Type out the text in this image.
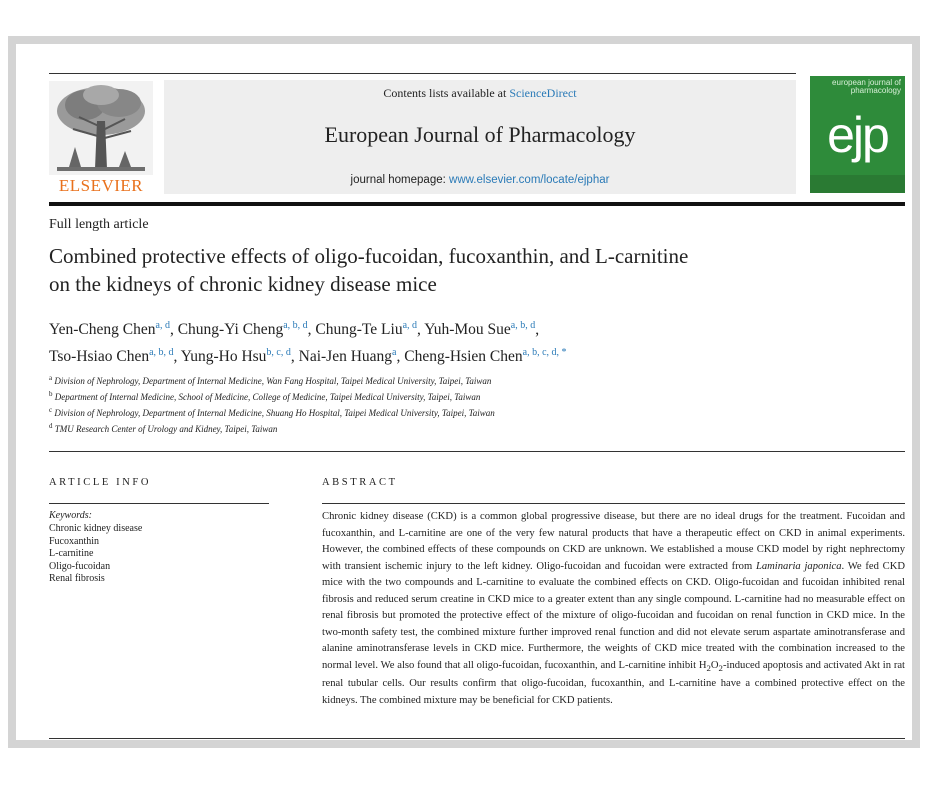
ELSEVIER
Contents lists available at ScienceDirect
European Journal of Pharmacology
journal homepage: www.elsevier.com/locate/ejphar
european journal of pharmacology
ejp
Full length article
Combined protective effects of oligo-fucoidan, fucoxanthin, and L-carnitine
on the kidneys of chronic kidney disease mice
Yen-Cheng Chen$^{a, d}$, Chung-Yi Cheng$^{a, b, d}$, Chung-Te Liu$^{a, d}$, Yuh-Mou Sue$^{a, b, d}$,
Tso-Hsiao Chen$^{a, b, d}$, Yung-Ho Hsu$^{b, c, d}$, Nai-Jen Huang$^a$, Cheng-Hsien Chen$^{a, b, c, d, *}$
$^a$ Division of Nephrology, Department of Internal Medicine, Wan Fang Hospital, Taipei Medical University, Taipei, Taiwan
$^b$ Department of Internal Medicine, School of Medicine, College of Medicine, Taipei Medical University, Taipei, Taiwan
$^c$ Division of Nephrology, Department of Internal Medicine, Shuang Ho Hospital, Taipei Medical University, Taipei, Taiwan
$^d$ TMU Research Center of Urology and Kidney, Taipei, Taiwan
ARTICLE INFO
Keywords:
Chronic kidney disease
Fucoxanthin
L-carnitine
Oligo-fucoidan
Renal fibrosis
ABSTRACT
Chronic kidney disease (CKD) is a common global progressive disease, but there are no ideal drugs for the treatment. Fucoidan and fucoxanthin, and L-carnitine are one of the very few natural products that have a therapeutic effect on CKD in animal experiments. However, the combined effects of these compounds on CKD are unknown. We established a mouse CKD model by right nephrectomy with transient ischemic injury to the left kidney. Oligo-fucoidan and fucoidan were extracted from Laminaria japonica. We fed CKD mice with the two compounds and L-carnitine to evaluate the combined effects on CKD. Oligo-fucoidan and fucoidan inhibited renal fibrosis and reduced serum creatine in CKD mice to a greater extent than any single compound. L-carnitine had no measurable effect on renal fibrosis but promoted the protective effect of the mixture of oligo-fucoidan and fucoidan on renal function in CKD mice. In the two-month safety test, the combined mixture further improved renal function and did not elevate serum aspartate aminotransferase and alanine aminotransferase levels in CKD mice. Furthermore, the weights of CKD mice treated with the combination increased to the normal level. We also found that all oligo-fucoidan, fucoxanthin, and L-carnitine inhibit $H_2O_2$-induced apoptosis and activated Akt in rat renal tubular cells. Our results confirm that oligo-fucoidan, fucoxanthin, and L-carnitine have a combined protective effect on the kidneys. The combined mixture may be beneficial for CKD patients.
